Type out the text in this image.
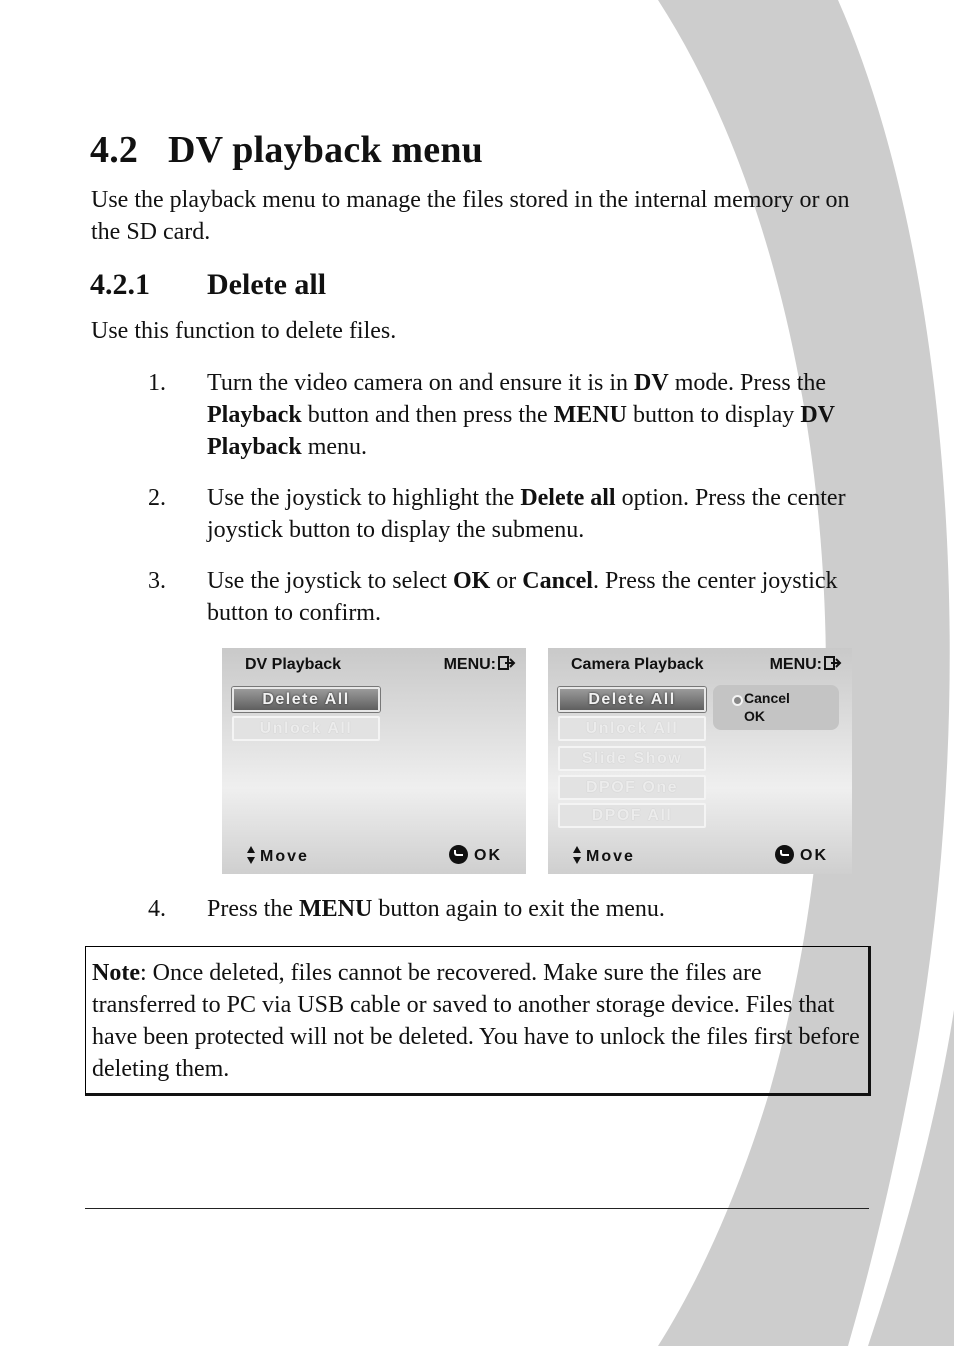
4.2 DV playback menu

Use the playback menu to manage the files stored in the internal memory or on the SD card.

4.2.1 Delete all

Use this function to delete files.

1. Turn the video camera on and ensure it is in DV mode. Press the Playback button and then press the MENU button to display DV Playback menu.
2. Use the joystick to highlight the Delete all option. Press the center joystick button to display the submenu.
3. Use the joystick to select OK or Cancel. Press the center joystick button to confirm.
DV Playback	MENU:
Delete All
Unlock All
Move	OK
Camera Playback	MENU:
Delete All
Unlock All
Slide Show
DPOF One
DPOF All
Cancel
OK
Move	OK
4. Press the MENU button again to exit the menu.
Note: Once deleted, files cannot be recovered. Make sure the files are transferred to PC via USB cable or saved to another storage device. Files that have been protected will not be deleted. You have to unlock the files first before deleting them.
